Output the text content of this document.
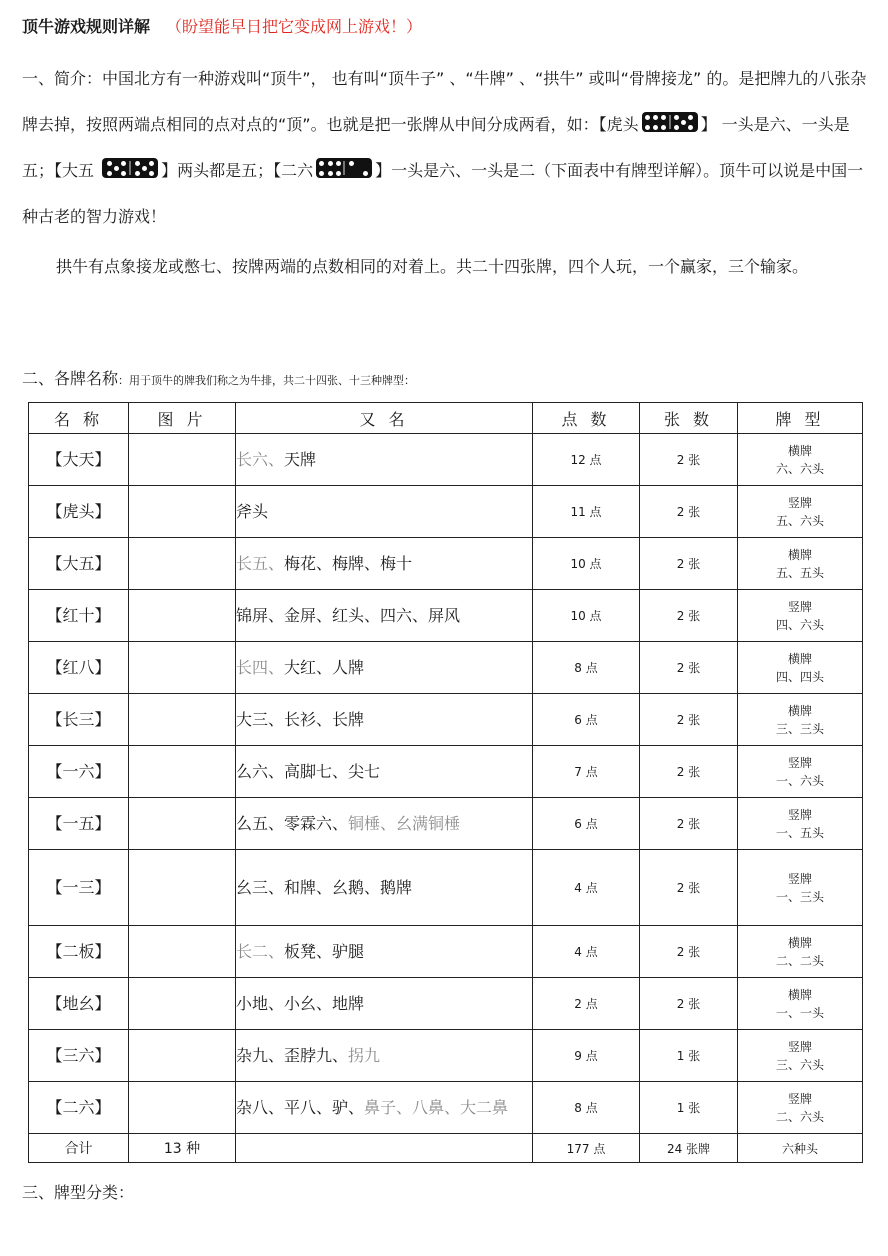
顶牛游戏规则详解 （盼望能早日把它变成网上游戏！）

一、简介：中国北方有一种游戏叫“顶牛”， 也有叫“顶牛子” 、“牛牌” 、“拱牛” 或叫“骨牌接龙” 的。是把牌九的八张杂牌去掉，按照两端点相同的点对点的“顶”。也就是把一张牌从中间分成两看，如：【虎头	】 一头是六、一头是五；【大五	】两头都是五；【二六	】一头是六、一头是二（下面表中有牌型详解）。顶牛可以说是中国一种古老的智力游戏！

拱牛有点象接龙或憋七、按牌两端的点数相同的对着上。共二十四张牌，四个人玩，一个赢家，三个输家。

二、各牌名称：用于顶牛的牌我们称之为牛排，共二十四张、十三种牌型：
名 称	图 片	又 名	点 数	张 数	牌 型
【大天】		长六、天牌	12 点	2 张	横牌
六、六头
【虎头】		斧头	11 点	2 张	竖牌
五、六头
【大五】		长五、梅花、梅牌、梅十	10 点	2 张	横牌
五、五头
【红十】		锦屏、金屏、红头、四六、屏风	10 点	2 张	竖牌
四、六头
【红八】		长四、大红、人牌	8 点	2 张	横牌
四、四头
【长三】		大三、长衫、长牌	6 点	2 张	横牌
三、三头
【一六】		么六、高脚七、尖七	7 点	2 张	竖牌
一、六头
【一五】		么五、零霖六、铜棰、幺满铜棰	6 点	2 张	竖牌
一、五头
【一三】		幺三、和牌、幺鹅、鹅牌	4 点	2 张	竖牌
一、三头
【二板】		长二、板凳、驴腿	4 点	2 张	横牌
二、二头
【地幺】		小地、小幺、地牌	2 点	2 张	横牌
一、一头
【三六】		杂九、歪脖九、拐九	9 点	1 张	竖牌
三、六头
【二六】		杂八、平八、驴、鼻子、八鼻、大二鼻	8 点	1 张	竖牌
二、六头
合计	13 种		177 点	24 张牌	六种头
三、牌型分类：
